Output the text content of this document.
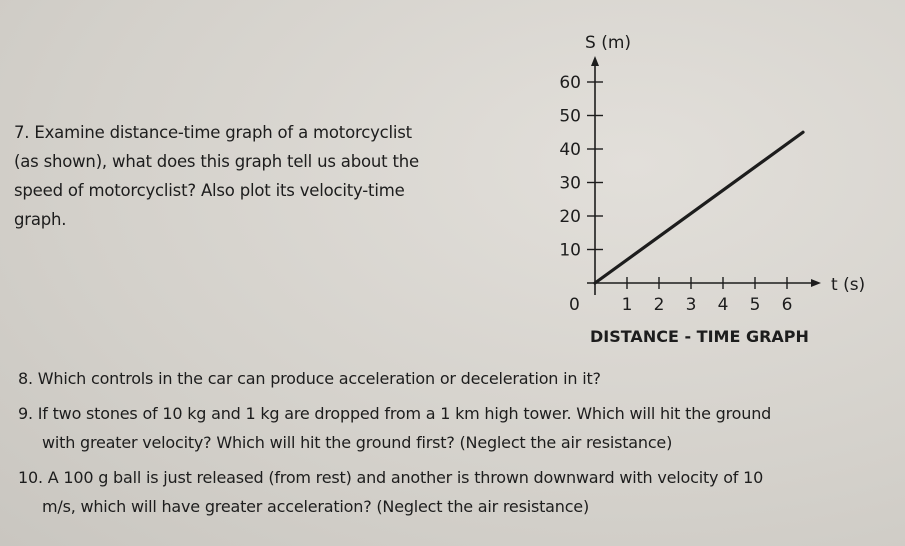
7. Examine distance-time graph of a motorcyclist

(as shown), what does this graph tell us about the

speed of motorcyclist? Also plot its velocity-time

graph.

S (m)
t (s)
0
DISTANCE - TIME GRAPH
10
20
30
40
50
60
1 2 3 4 5 6
8. Which controls in the car can produce acceleration or deceleration in it?
9. If two stones of 10 kg and 1 kg are dropped from a 1 km high tower. Which will hit the ground
with greater velocity? Which will hit the ground first? (Neglect the air resistance)
10. A 100 g ball is just released (from rest) and another is thrown downward with velocity of 10
m/s, which will have greater acceleration? (Neglect the air resistance)
